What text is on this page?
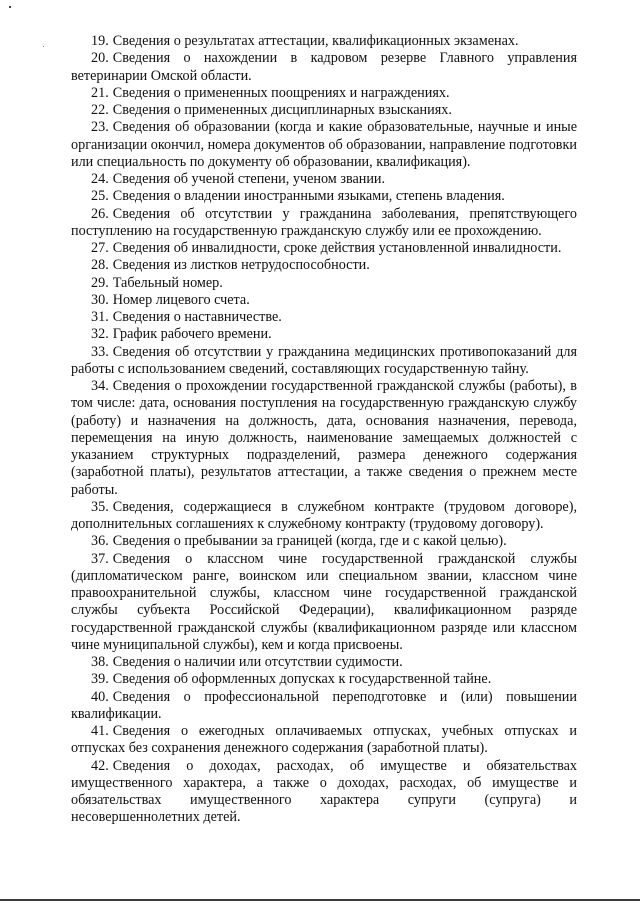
19. Сведения о результатах аттестации, квалификационных экзаменах.

20. Сведения о нахождении в кадровом резерве Главного управления ветеринарии Омской области.

21. Сведения о примененных поощрениях и награждениях.

22. Сведения о примененных дисциплинарных взысканиях.

23. Сведения об образовании (когда и какие образовательные, научные и иные организации окончил, номера документов об образовании, направление подготовки или специальность по документу об образовании, квалификация).

24. Сведения об ученой степени, ученом звании.

25. Сведения о владении иностранными языками, степень владения.

26. Сведения об отсутствии у гражданина заболевания, препятствующего поступлению на государственную гражданскую службу или ее прохождению.

27. Сведения об инвалидности, сроке действия установленной инвалидности.

28. Сведения из листков нетрудоспособности.

29. Табельный номер.

30. Номер лицевого счета.

31. Сведения о наставничестве.

32. График рабочего времени.

33. Сведения об отсутствии у гражданина медицинских противопоказаний для работы с использованием сведений, составляющих государственную тайну.

34. Сведения о прохождении государственной гражданской службы (работы), в том числе: дата, основания поступления на государственную гражданскую службу (работу) и назначения на должность, дата, основания назначения, перевода, перемещения на иную должность, наименование замещаемых должностей с указанием структурных подразделений, размера денежного содержания (заработной платы), результатов аттестации, а также сведения о прежнем месте работы.

35. Сведения, содержащиеся в служебном контракте (трудовом договоре), дополнительных соглашениях к служебному контракту (трудовому договору).

36. Сведения о пребывании за границей (когда, где и с какой целью).

37. Сведения о классном чине государственной гражданской службы (дипломатическом ранге, воинском или специальном звании, классном чине правоохранительной службы, классном чине государственной гражданской службы субъекта Российской Федерации), квалификационном разряде государственной гражданской службы (квалификационном разряде или классном чине муниципальной службы), кем и когда присвоены.

38. Сведения о наличии или отсутствии судимости.

39. Сведения об оформленных допусках к государственной тайне.

40. Сведения о профессиональной переподготовке и (или) повышении квалификации.

41. Сведения о ежегодных оплачиваемых отпусках, учебных отпусках и отпусках без сохранения денежного содержания (заработной платы).

42. Сведения о доходах, расходах, об имуществе и обязательствах имущественного характера, а также о доходах, расходах, об имуществе и обязательствах имущественного характера супруги (супруга) и несовершеннолетних детей.
